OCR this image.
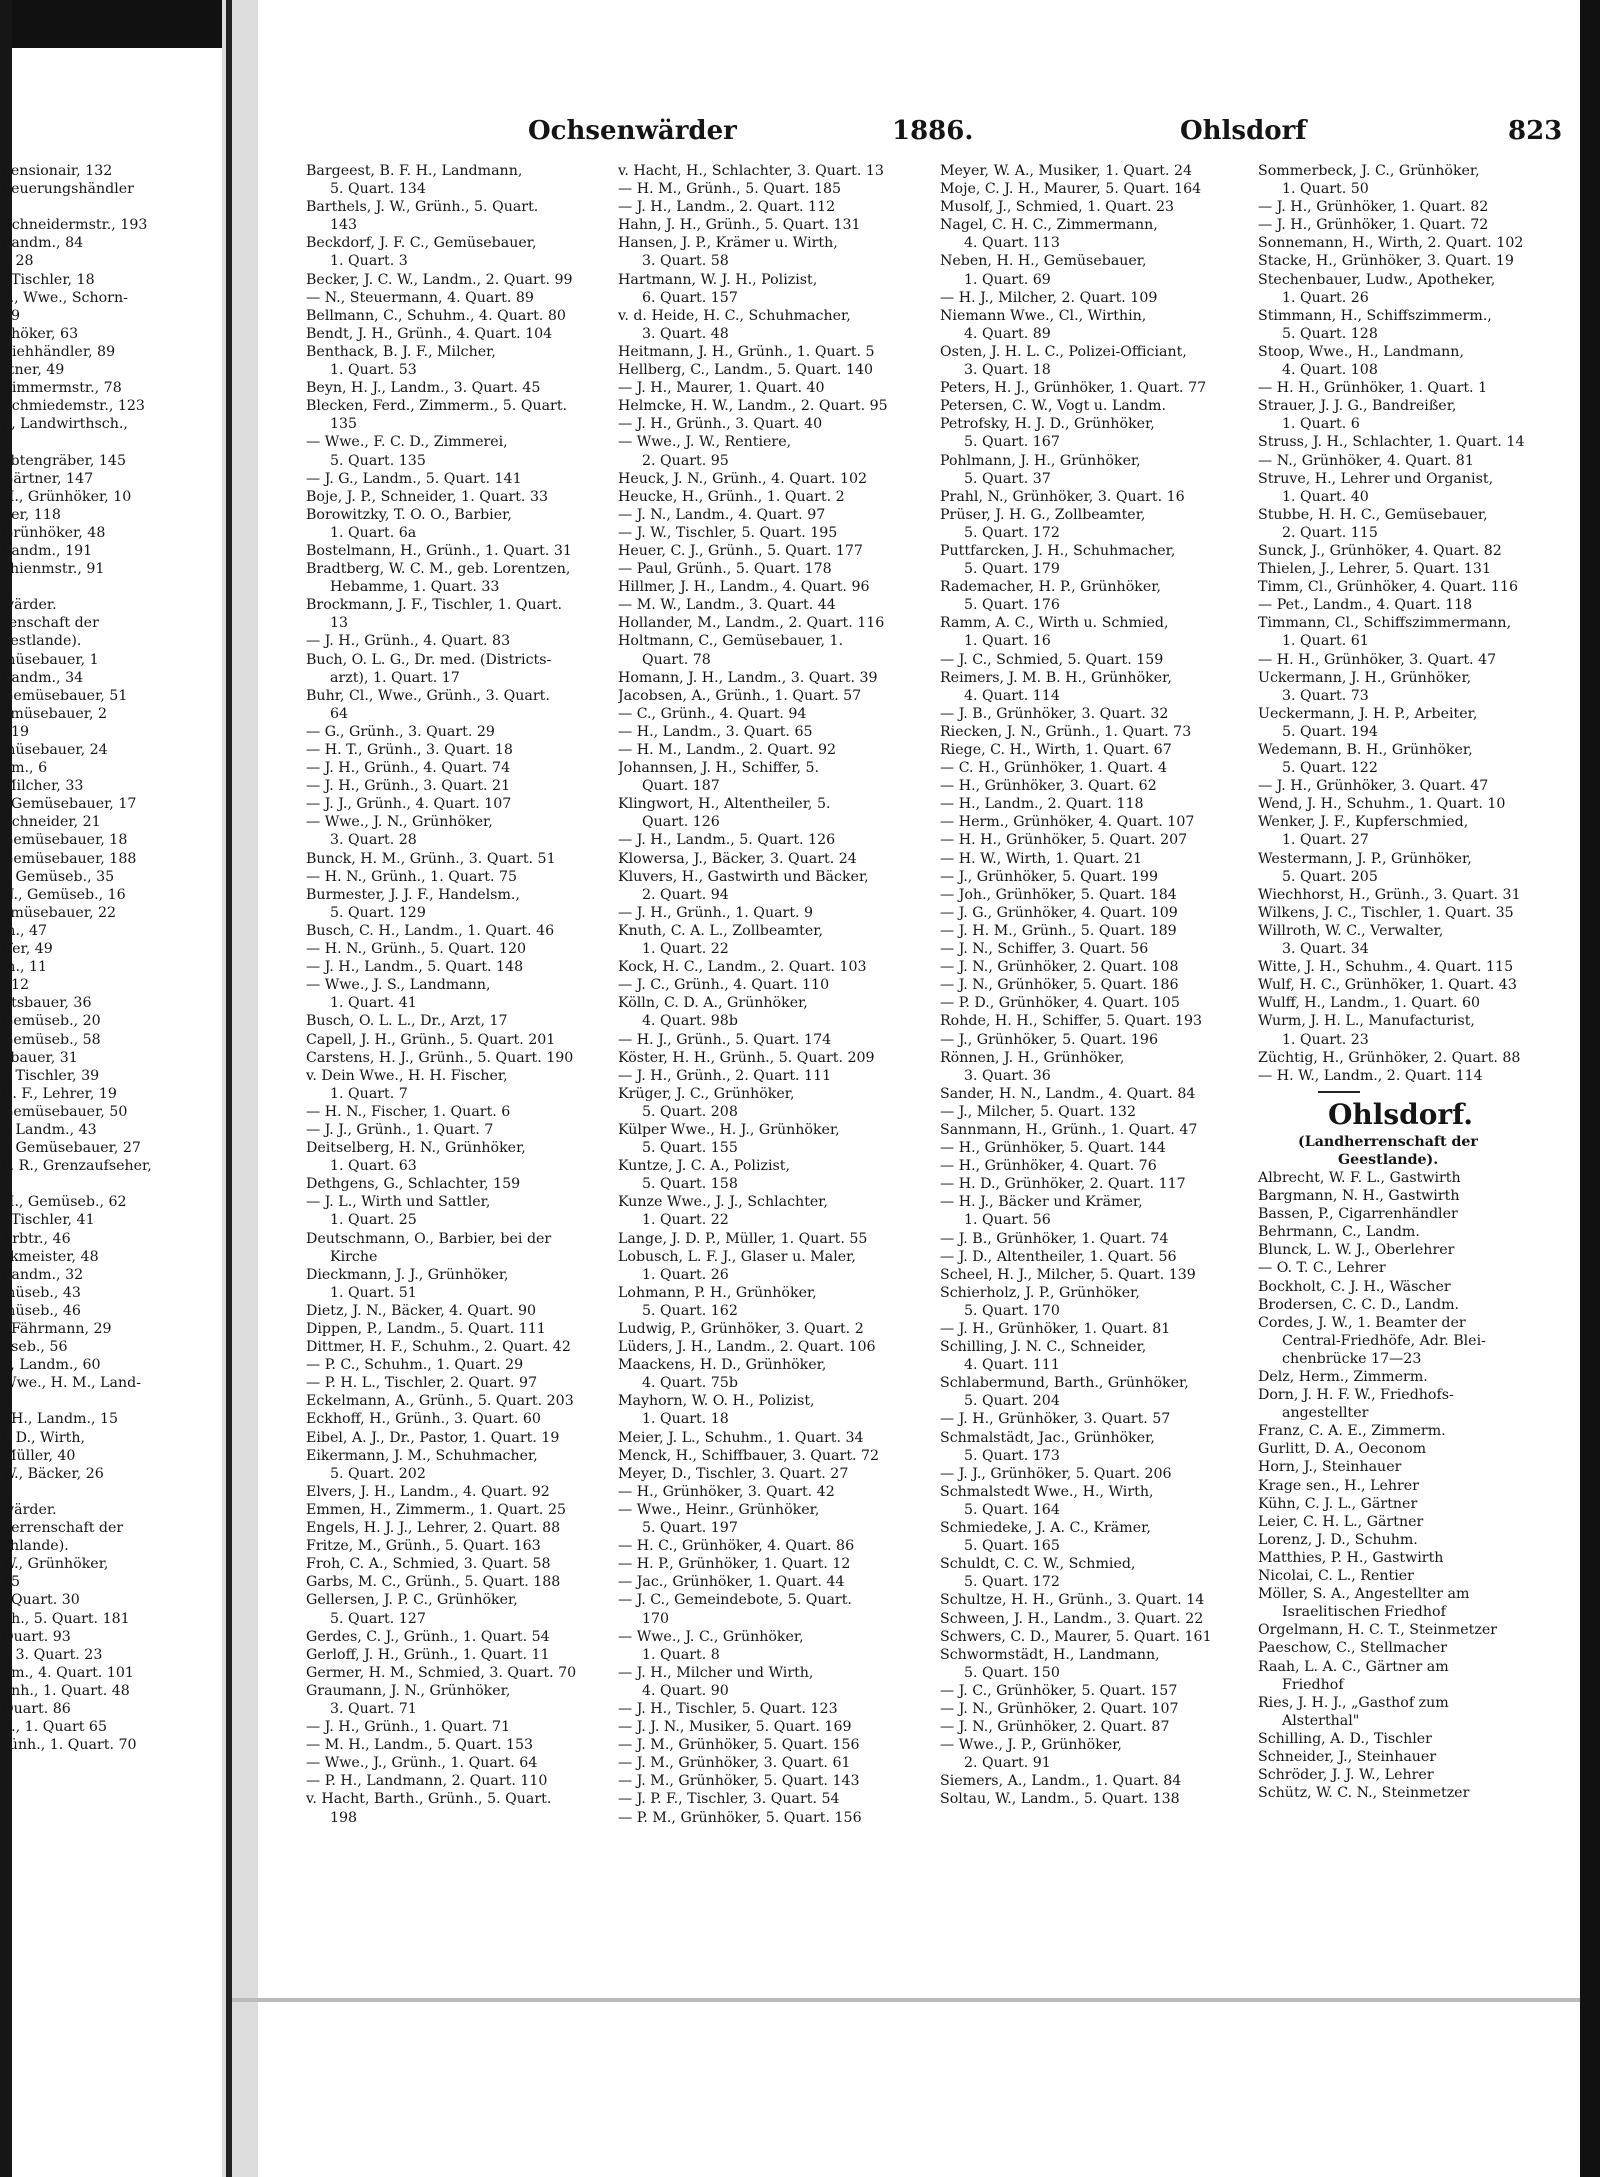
Ochsenwärder	1886.	Ohlsdorf	823
Pensionair, 132
Feuerungshändler
Schneidermstr., 193
Landm., 84
., 28
, Tischler, 18
F., Wwe., Schorn-
69
nhöker, 63
Viehhändler, 89
rtner, 49
Zimmermstr., 78
Schmiedemstr., 123
J., Landwirthsch.,
obtengräber, 145
Gärtner, 147
H., Grünhöker, 10
ner, 118
Grünhöker, 48
Landm., 191
chienmstr., 91
wärder.
renschaft der
eestlande).
müsebauer, 1
Landm., 34
Gemüsebauer, 51
emüsebauer, 2
, 19
müsebauer, 24
dm., 6
Milcher, 33
, Gemüsebauer, 17
Schneider, 21
Gemüsebauer, 18
Gemüsebauer, 188
., Gemüseb., 35
N., Gemüseb., 16
emüsebauer, 22
m., 47
ffer, 49
m., 11
, 12
htsbauer, 36
Gemüseb., 20
Gemüseb., 58
ebauer, 31
., Tischler, 39
C. F., Lehrer, 19
Gemüsebauer, 50
., Landm., 43
., Gemüsebauer, 27
F. R., Grenzaufseher,
H., Gemüseb., 62
, Tischler, 41
Arbtr., 46
ckmeister, 48
Landm., 32
müseb., 43
müseb., 46
, Fährmann, 29
üseb., 56
e, Landm., 60
Wwe., H. M., Land-
3
. H., Landm., 15
J. D., Wirth,
Müller, 40
W., Bäcker, 26
wärder.
herrenschaft der
chlande).
W., Grünhöker,
45
. Quart. 30
nh., 5. Quart. 181
Quart. 93
., 3. Quart. 23
dm., 4. Quart. 101
ünh., 1. Quart. 48
Quart. 86
h., 1. Quart 65
rünh., 1. Quart. 70
Bargeest, B. F. H., Landmann,
5. Quart. 134
Barthels, J. W., Grünh., 5. Quart.
143
Beckdorf, J. F. C., Gemüsebauer,
1. Quart. 3
Becker, J. C. W., Landm., 2. Quart. 99
— N., Steuermann, 4. Quart. 89
Bellmann, C., Schuhm., 4. Quart. 80
Bendt, J. H., Grünh., 4. Quart. 104
Benthack, B. J. F., Milcher,
1. Quart. 53
Beyn, H. J., Landm., 3. Quart. 45
Blecken, Ferd., Zimmerm., 5. Quart.
135
— Wwe., F. C. D., Zimmerei,
5. Quart. 135
— J. G., Landm., 5. Quart. 141
Boje, J. P., Schneider, 1. Quart. 33
Borowitzky, T. O. O., Barbier,
1. Quart. 6a
Bostelmann, H., Grünh., 1. Quart. 31
Bradtberg, W. C. M., geb. Lorentzen,
Hebamme, 1. Quart. 33
Brockmann, J. F., Tischler, 1. Quart.
13
— J. H., Grünh., 4. Quart. 83
Buch, O. L. G., Dr. med. (Districts-
arzt), 1. Quart. 17
Buhr, Cl., Wwe., Grünh., 3. Quart.
64
— G., Grünh., 3. Quart. 29
— H. T., Grünh., 3. Quart. 18
— J. H., Grünh., 4. Quart. 74
— J. H., Grünh., 3. Quart. 21
— J. J., Grünh., 4. Quart. 107
— Wwe., J. N., Grünhöker,
3. Quart. 28
Bunck, H. M., Grünh., 3. Quart. 51
— H. N., Grünh., 1. Quart. 75
Burmester, J. J. F., Handelsm.,
5. Quart. 129
Busch, C. H., Landm., 1. Quart. 46
— H. N., Grünh., 5. Quart. 120
— J. H., Landm., 5. Quart. 148
— Wwe., J. S., Landmann,
1. Quart. 41
Busch, O. L. L., Dr., Arzt, 17
Capell, J. H., Grünh., 5. Quart. 201
Carstens, H. J., Grünh., 5. Quart. 190
v. Dein Wwe., H. H. Fischer,
1. Quart. 7
— H. N., Fischer, 1. Quart. 6
— J. J., Grünh., 1. Quart. 7
Deitselberg, H. N., Grünhöker,
1. Quart. 63
Dethgens, G., Schlachter, 159
— J. L., Wirth und Sattler,
1. Quart. 25
Deutschmann, O., Barbier, bei der
Kirche
Dieckmann, J. J., Grünhöker,
1. Quart. 51
Dietz, J. N., Bäcker, 4. Quart. 90
Dippen, P., Landm., 5. Quart. 111
Dittmer, H. F., Schuhm., 2. Quart. 42
— P. C., Schuhm., 1. Quart. 29
— P. H. L., Tischler, 2. Quart. 97
Eckelmann, A., Grünh., 5. Quart. 203
Eckhoff, H., Grünh., 3. Quart. 60
Eibel, A. J., Dr., Pastor, 1. Quart. 19
Eikermann, J. M., Schuhmacher,
5. Quart. 202
Elvers, J. H., Landm., 4. Quart. 92
Emmen, H., Zimmerm., 1. Quart. 25
Engels, H. J. J., Lehrer, 2. Quart. 88
Fritze, M., Grünh., 5. Quart. 163
Froh, C. A., Schmied, 3. Quart. 58
Garbs, M. C., Grünh., 5. Quart. 188
Gellersen, J. P. C., Grünhöker,
5. Quart. 127
Gerdes, C. J., Grünh., 1. Quart. 54
Gerloff, J. H., Grünh., 1. Quart. 11
Germer, H. M., Schmied, 3. Quart. 70
Graumann, J. N., Grünhöker,
3. Quart. 71
— J. H., Grünh., 1. Quart. 71
— M. H., Landm., 5. Quart. 153
— Wwe., J., Grünh., 1. Quart. 64
— P. H., Landmann, 2. Quart. 110
v. Hacht, Barth., Grünh., 5. Quart.
198
v. Hacht, H., Schlachter, 3. Quart. 13
— H. M., Grünh., 5. Quart. 185
— J. H., Landm., 2. Quart. 112
Hahn, J. H., Grünh., 5. Quart. 131
Hansen, J. P., Krämer u. Wirth,
3. Quart. 58
Hartmann, W. J. H., Polizist,
6. Quart. 157
v. d. Heide, H. C., Schuhmacher,
3. Quart. 48
Heitmann, J. H., Grünh., 1. Quart. 5
Hellberg, C., Landm., 5. Quart. 140
— J. H., Maurer, 1. Quart. 40
Helmcke, H. W., Landm., 2. Quart. 95
— J. H., Grünh., 3. Quart. 40
— Wwe., J. W., Rentiere,
2. Quart. 95
Heuck, J. N., Grünh., 4. Quart. 102
Heucke, H., Grünh., 1. Quart. 2
— J. N., Landm., 4. Quart. 97
— J. W., Tischler, 5. Quart. 195
Heuer, C. J., Grünh., 5. Quart. 177
— Paul, Grünh., 5. Quart. 178
Hillmer, J. H., Landm., 4. Quart. 96
— M. W., Landm., 3. Quart. 44
Hollander, M., Landm., 2. Quart. 116
Holtmann, C., Gemüsebauer, 1.
Quart. 78
Homann, J. H., Landm., 3. Quart. 39
Jacobsen, A., Grünh., 1. Quart. 57
— C., Grünh., 4. Quart. 94
— H., Landm., 3. Quart. 65
— H. M., Landm., 2. Quart. 92
Johannsen, J. H., Schiffer, 5.
Quart. 187
Klingwort, H., Altentheiler, 5.
Quart. 126
— J. H., Landm., 5. Quart. 126
Klowersa, J., Bäcker, 3. Quart. 24
Kluvers, H., Gastwirth und Bäcker,
2. Quart. 94
— J. H., Grünh., 1. Quart. 9
Knuth, C. A. L., Zollbeamter,
1. Quart. 22
Kock, H. C., Landm., 2. Quart. 103
— J. C., Grünh., 4. Quart. 110
Kölln, C. D. A., Grünhöker,
4. Quart. 98b
— H. J., Grünh., 5. Quart. 174
Köster, H. H., Grünh., 5. Quart. 209
— J. H., Grünh., 2. Quart. 111
Krüger, J. C., Grünhöker,
5. Quart. 208
Külper Wwe., H. J., Grünhöker,
5. Quart. 155
Kuntze, J. C. A., Polizist,
5. Quart. 158
Kunze Wwe., J. J., Schlachter,
1. Quart. 22
Lange, J. D. P., Müller, 1. Quart. 55
Lobusch, L. F. J., Glaser u. Maler,
1. Quart. 26
Lohmann, P. H., Grünhöker,
5. Quart. 162
Ludwig, P., Grünhöker, 3. Quart. 2
Lüders, J. H., Landm., 2. Quart. 106
Maackens, H. D., Grünhöker,
4. Quart. 75b
Mayhorn, W. O. H., Polizist,
1. Quart. 18
Meier, J. L., Schuhm., 1. Quart. 34
Menck, H., Schiffbauer, 3. Quart. 72
Meyer, D., Tischler, 3. Quart. 27
— H., Grünhöker, 3. Quart. 42
— Wwe., Heinr., Grünhöker,
5. Quart. 197
— H. C., Grünhöker, 4. Quart. 86
— H. P., Grünhöker, 1. Quart. 12
— Jac., Grünhöker, 1. Quart. 44
— J. C., Gemeindebote, 5. Quart.
170
— Wwe., J. C., Grünhöker,
1. Quart. 8
— J. H., Milcher und Wirth,
4. Quart. 90
— J. H., Tischler, 5. Quart. 123
— J. J. N., Musiker, 5. Quart. 169
— J. M., Grünhöker, 5. Quart. 156
— J. M., Grünhöker, 3. Quart. 61
— J. M., Grünhöker, 5. Quart. 143
— J. P. F., Tischler, 3. Quart. 54
— P. M., Grünhöker, 5. Quart. 156
Meyer, W. A., Musiker, 1. Quart. 24
Moje, C. J. H., Maurer, 5. Quart. 164
Musolf, J., Schmied, 1. Quart. 23
Nagel, C. H. C., Zimmermann,
4. Quart. 113
Neben, H. H., Gemüsebauer,
1. Quart. 69
— H. J., Milcher, 2. Quart. 109
Niemann Wwe., Cl., Wirthin,
4. Quart. 89
Osten, J. H. L. C., Polizei-Officiant,
3. Quart. 18
Peters, H. J., Grünhöker, 1. Quart. 77
Petersen, C. W., Vogt u. Landm.
Petrofsky, H. J. D., Grünhöker,
5. Quart. 167
Pohlmann, J. H., Grünhöker,
5. Quart. 37
Prahl, N., Grünhöker, 3. Quart. 16
Prüser, J. H. G., Zollbeamter,
5. Quart. 172
Puttfarcken, J. H., Schuhmacher,
5. Quart. 179
Rademacher, H. P., Grünhöker,
5. Quart. 176
Ramm, A. C., Wirth u. Schmied,
1. Quart. 16
— J. C., Schmied, 5. Quart. 159
Reimers, J. M. B. H., Grünhöker,
4. Quart. 114
— J. B., Grünhöker, 3. Quart. 32
Riecken, J. N., Grünh., 1. Quart. 73
Riege, C. H., Wirth, 1. Quart. 67
— C. H., Grünhöker, 1. Quart. 4
— H., Grünhöker, 3. Quart. 62
— H., Landm., 2. Quart. 118
— Herm., Grünhöker, 4. Quart. 107
— H. H., Grünhöker, 5. Quart. 207
— H. W., Wirth, 1. Quart. 21
— J., Grünhöker, 5. Quart. 199
— Joh., Grünhöker, 5. Quart. 184
— J. G., Grünhöker, 4. Quart. 109
— J. H. M., Grünh., 5. Quart. 189
— J. N., Schiffer, 3. Quart. 56
— J. N., Grünhöker, 2. Quart. 108
— J. N., Grünhöker, 5. Quart. 186
— P. D., Grünhöker, 4. Quart. 105
Rohde, H. H., Schiffer, 5. Quart. 193
— J., Grünhöker, 5. Quart. 196
Rönnen, J. H., Grünhöker,
3. Quart. 36
Sander, H. N., Landm., 4. Quart. 84
— J., Milcher, 5. Quart. 132
Sannmann, H., Grünh., 1. Quart. 47
— H., Grünhöker, 5. Quart. 144
— H., Grünhöker, 4. Quart. 76
— H. D., Grünhöker, 2. Quart. 117
— H. J., Bäcker und Krämer,
1. Quart. 56
— J. B., Grünhöker, 1. Quart. 74
— J. D., Altentheiler, 1. Quart. 56
Scheel, H. J., Milcher, 5. Quart. 139
Schierholz, J. P., Grünhöker,
5. Quart. 170
— J. H., Grünhöker, 1. Quart. 81
Schilling, J. N. C., Schneider,
4. Quart. 111
Schlabermund, Barth., Grünhöker,
5. Quart. 204
— J. H., Grünhöker, 3. Quart. 57
Schmalstädt, Jac., Grünhöker,
5. Quart. 173
— J. J., Grünhöker, 5. Quart. 206
Schmalstedt Wwe., H., Wirth,
5. Quart. 164
Schmiedeke, J. A. C., Krämer,
5. Quart. 165
Schuldt, C. C. W., Schmied,
5. Quart. 172
Schultze, H. H., Grünh., 3. Quart. 14
Schween, J. H., Landm., 3. Quart. 22
Schwers, C. D., Maurer, 5. Quart. 161
Schwormstädt, H., Landmann,
5. Quart. 150
— J. C., Grünhöker, 5. Quart. 157
— J. N., Grünhöker, 2. Quart. 107
— J. N., Grünhöker, 2. Quart. 87
— Wwe., J. P., Grünhöker,
2. Quart. 91
Siemers, A., Landm., 1. Quart. 84
Soltau, W., Landm., 5. Quart. 138
Sommerbeck, J. C., Grünhöker,
1. Quart. 50
— J. H., Grünhöker, 1. Quart. 82
— J. H., Grünhöker, 1. Quart. 72
Sonnemann, H., Wirth, 2. Quart. 102
Stacke, H., Grünhöker, 3. Quart. 19
Stechenbauer, Ludw., Apotheker,
1. Quart. 26
Stimmann, H., Schiffszimmerm.,
5. Quart. 128
Stoop, Wwe., H., Landmann,
4. Quart. 108
— H. H., Grünhöker, 1. Quart. 1
Strauer, J. J. G., Bandreißer,
1. Quart. 6
Struss, J. H., Schlachter, 1. Quart. 14
— N., Grünhöker, 4. Quart. 81
Struve, H., Lehrer und Organist,
1. Quart. 40
Stubbe, H. H. C., Gemüsebauer,
2. Quart. 115
Sunck, J., Grünhöker, 4. Quart. 82
Thielen, J., Lehrer, 5. Quart. 131
Timm, Cl., Grünhöker, 4. Quart. 116
— Pet., Landm., 4. Quart. 118
Timmann, Cl., Schiffszimmermann,
1. Quart. 61
— H. H., Grünhöker, 3. Quart. 47
Uckermann, J. H., Grünhöker,
3. Quart. 73
Ueckermann, J. H. P., Arbeiter,
5. Quart. 194
Wedemann, B. H., Grünhöker,
5. Quart. 122
— J. H., Grünhöker, 3. Quart. 47
Wend, J. H., Schuhm., 1. Quart. 10
Wenker, J. F., Kupferschmied,
1. Quart. 27
Westermann, J. P., Grünhöker,
5. Quart. 205
Wiechhorst, H., Grünh., 3. Quart. 31
Wilkens, J. C., Tischler, 1. Quart. 35
Willroth, W. C., Verwalter,
3. Quart. 34
Witte, J. H., Schuhm., 4. Quart. 115
Wulf, H. C., Grünhöker, 1. Quart. 43
Wulff, H., Landm., 1. Quart. 60
Wurm, J. H. L., Manufacturist,
1. Quart. 23
Züchtig, H., Grünhöker, 2. Quart. 88
— H. W., Landm., 2. Quart. 114
Ohlsdorf.
(Landherrenschaft der
Geestlande).
Albrecht, W. F. L., Gastwirth
Bargmann, N. H., Gastwirth
Bassen, P., Cigarrenhändler
Behrmann, C., Landm.
Blunck, L. W. J., Oberlehrer
— O. T. C., Lehrer
Bockholt, C. J. H., Wäscher
Brodersen, C. C. D., Landm.
Cordes, J. W., 1. Beamter der
Central-Friedhöfe, Adr. Blei-
chenbrücke 17—23
Delz, Herm., Zimmerm.
Dorn, J. H. F. W., Friedhofs-
angestellter
Franz, C. A. E., Zimmerm.
Gurlitt, D. A., Oeconom
Horn, J., Steinhauer
Krage sen., H., Lehrer
Kühn, C. J. L., Gärtner
Leier, C. H. L., Gärtner
Lorenz, J. D., Schuhm.
Matthies, P. H., Gastwirth
Nicolai, C. L., Rentier
Möller, S. A., Angestellter am
Israelitischen Friedhof
Orgelmann, H. C. T., Steinmetzer
Paeschow, C., Stellmacher
Raah, L. A. C., Gärtner am
Friedhof
Ries, J. H. J., „Gasthof zum
Alsterthal"
Schilling, A. D., Tischler
Schneider, J., Steinhauer
Schröder, J. J. W., Lehrer
Schütz, W. C. N., Steinmetzer
